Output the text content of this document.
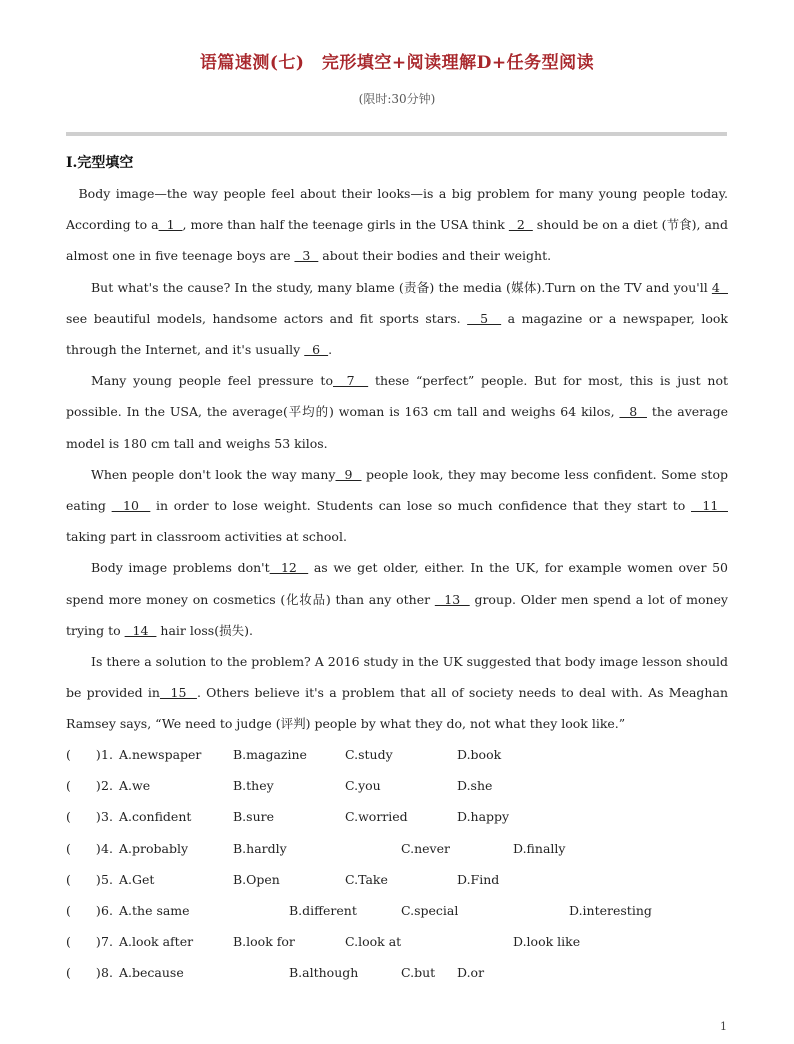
语篇速测(七)　完形填空+阅读理解D+任务型阅读
(限时:30分钟)
Ⅰ.完型填空

Body image—the way people feel about their looks—is a big problem for many young people today. According to a  1  , more than half the teenage girls in the USA think   2   should be on a diet (节食), and almost one in five teenage boys are   3   about their bodies and their weight.

But what's the cause? In the study, many blame (责备) the media (媒体).Turn on the TV and you'll 4   see beautiful models, handsome actors and fit sports stars.   5   a magazine or a newspaper, look through the Internet, and it's usually   6  .

Many young people feel pressure to  7   these “perfect” people. But for most, this is just not possible. In the USA, the average(平均的) woman is 163 cm tall and weighs 64 kilos,   8   the average model is 180 cm tall and weighs 53 kilos.

When people don't look the way many  9   people look, they may become less confident. Some stop eating   10   in order to lose weight. Students can lose so much confidence that they start to   11   taking part in classroom activities at school.

Body image problems don't  12   as we get older, either. In the UK, for example women over 50 spend more money on cosmetics (化妆品) than any other   13   group. Older men spend a lot of money trying to   14   hair loss(损失).

Is there a solution to the problem? A 2016 study in the UK suggested that body image lesson should be provided in  15  . Others believe it's a problem that all of society needs to deal with. As Meaghan Ramsey says, “We need to judge (评判) people by what they do, not what they look like.”

(　　) 1. A.newspaper	B.magazine	C.study	D.book
(　　) 2. A.we	B.they	C.you	D.she
(　　) 3. A.confident	B.sure	C.worried	D.happy
(　　) 4. A.probably	B.hardly	C.never	D.finally
(　　) 5. A.Get	B.Open	C.Take	D.Find
(　　) 6. A.the same	B.different	C.special	D.interesting
(　　) 7. A.look after	B.look for	C.look at	D.look like
(　　) 8. A.because	B.although	C.but D.or
1
